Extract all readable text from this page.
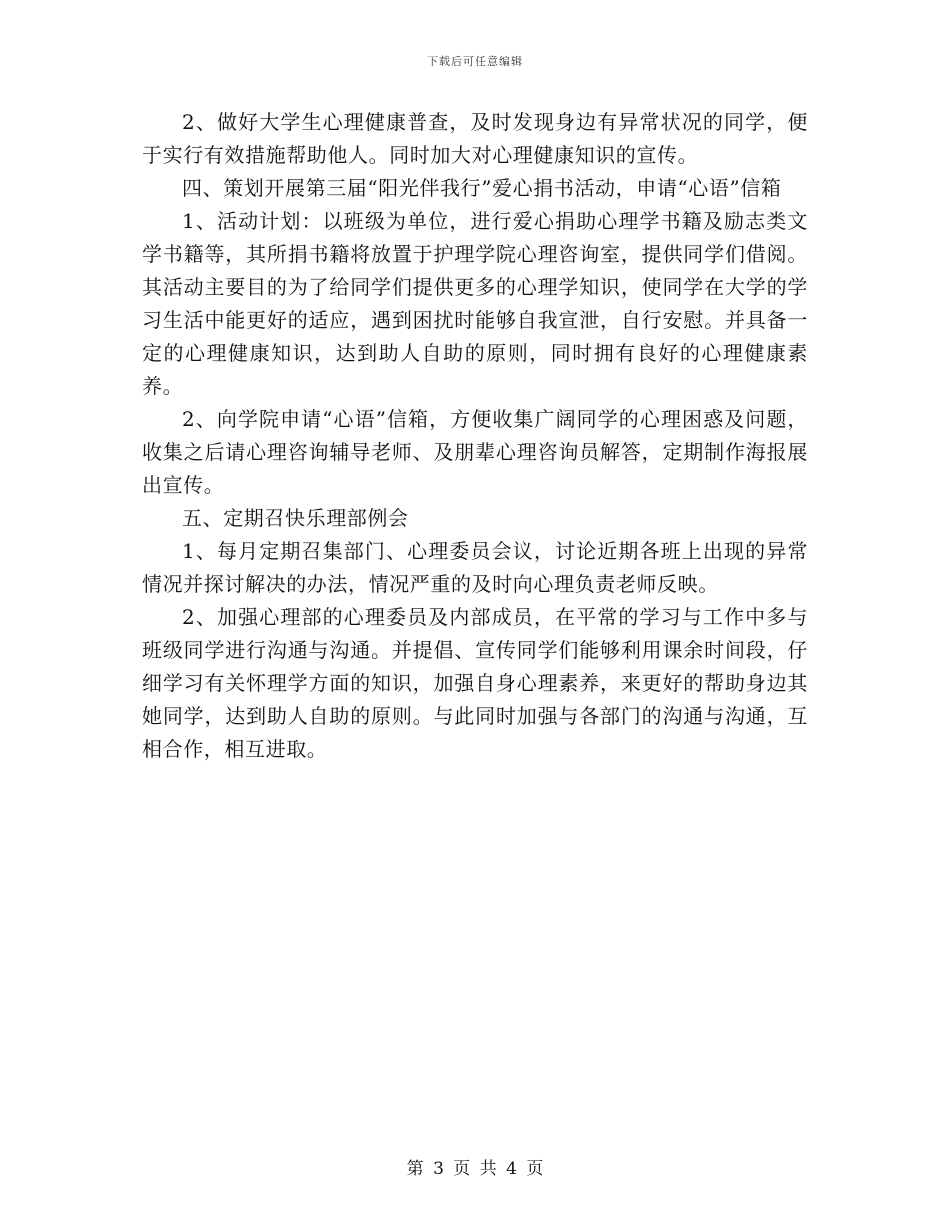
下载后可任意编辑

2、做好大学生心理健康普查，及时发现身边有异常状况的同学，便于实行有效措施帮助他人。同时加大对心理健康知识的宣传。

四、策划开展第三届“阳光伴我行”爱心捐书活动，申请“心语”信箱

1、活动计划：以班级为单位，进行爱心捐助心理学书籍及励志类文学书籍等，其所捐书籍将放置于护理学院心理咨询室，提供同学们借阅。其活动主要目的为了给同学们提供更多的心理学知识，使同学在大学的学习生活中能更好的适应，遇到困扰时能够自我宣泄，自行安慰。并具备一定的心理健康知识，达到助人自助的原则，同时拥有良好的心理健康素养。

2、向学院申请“心语”信箱，方便收集广阔同学的心理困惑及问题，收集之后请心理咨询辅导老师、及朋辈心理咨询员解答，定期制作海报展出宣传。

五、定期召快乐理部例会

1、每月定期召集部门、心理委员会议，讨论近期各班上出现的异常情况并探讨解决的办法，情况严重的及时向心理负责老师反映。

2、加强心理部的心理委员及内部成员，在平常的学习与工作中多与班级同学进行沟通与沟通。并提倡、宣传同学们能够利用课余时间段，仔细学习有关怀理学方面的知识，加强自身心理素养，来更好的帮助身边其她同学，达到助人自助的原则。与此同时加强与各部门的沟通与沟通，互相合作，相互进取。

第 3 页 共 4 页
